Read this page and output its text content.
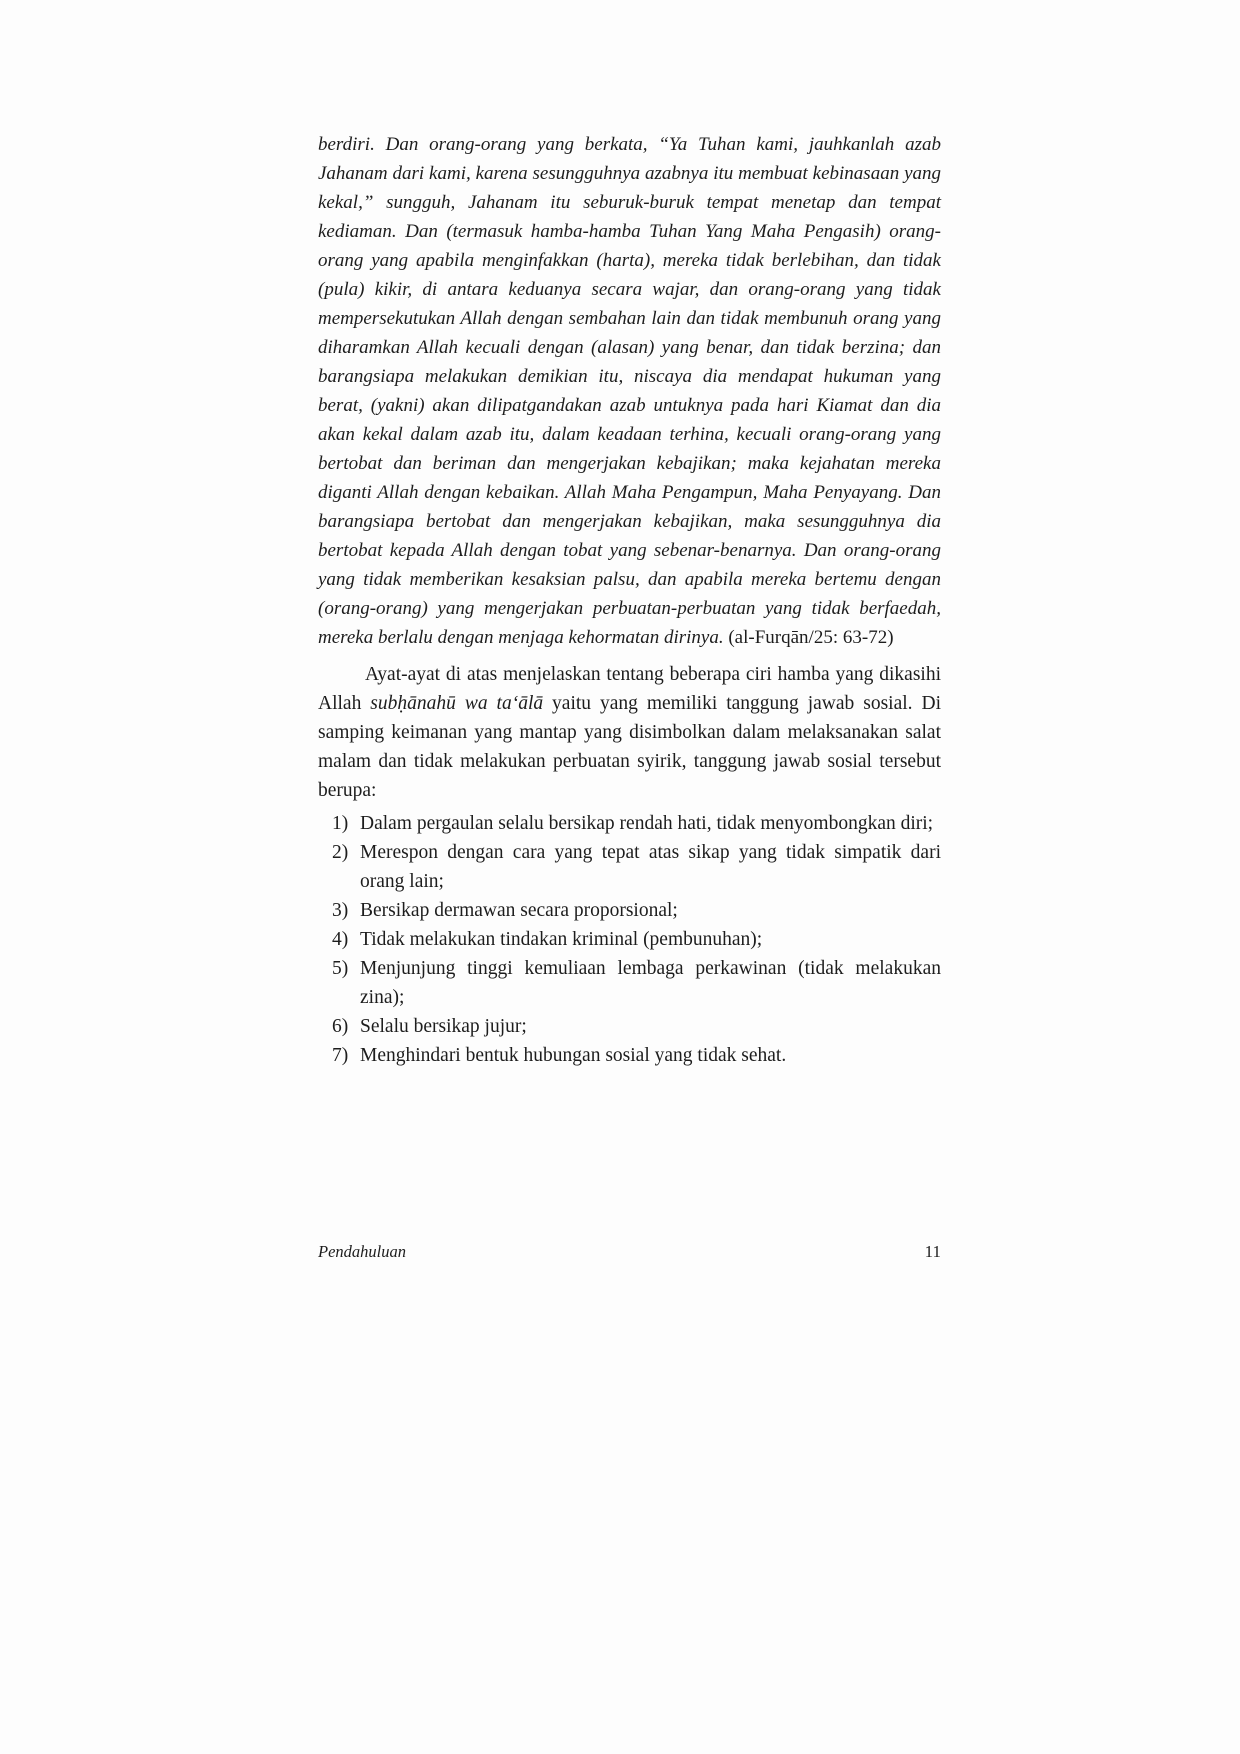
berdiri. Dan orang-orang yang berkata, “Ya Tuhan kami, jauhkanlah azab Jahanam dari kami, karena sesungguhnya azabnya itu membuat kebinasaan yang kekal,” sungguh, Jahanam itu seburuk-buruk tempat menetap dan tempat kediaman. Dan (termasuk hamba-hamba Tuhan Yang Maha Pengasih) orang-orang yang apabila menginfakkan (harta), mereka tidak berlebihan, dan tidak (pula) kikir, di antara keduanya secara wajar, dan orang-orang yang tidak mempersekutukan Allah dengan sembahan lain dan tidak membunuh orang yang diharamkan Allah kecuali dengan (alasan) yang benar, dan tidak berzina; dan barangsiapa melakukan demikian itu, niscaya dia mendapat hukuman yang berat, (yakni) akan dilipatgandakan azab untuknya pada hari Kiamat dan dia akan kekal dalam azab itu, dalam keadaan terhina, kecuali orang-orang yang bertobat dan beriman dan mengerjakan kebajikan; maka kejahatan mereka diganti Allah dengan kebaikan. Allah Maha Pengampun, Maha Penyayang. Dan barangsiapa bertobat dan mengerjakan kebajikan, maka sesungguhnya dia bertobat kepada Allah dengan tobat yang sebenar-benarnya. Dan orang-orang yang tidak memberikan kesaksian palsu, dan apabila mereka bertemu dengan (orang-orang) yang mengerjakan perbuatan-perbuatan yang tidak berfaedah, mereka berlalu dengan menjaga kehormatan dirinya. (al-Furqān/25: 63-72)

Ayat-ayat di atas menjelaskan tentang beberapa ciri hamba yang dikasihi Allah subḥānahū wa ta‘ālā yaitu yang memiliki tanggung jawab sosial. Di samping keimanan yang mantap yang disimbolkan dalam melaksanakan salat malam dan tidak melakukan perbuatan syirik, tanggung jawab sosial tersebut berupa:

1) Dalam pergaulan selalu bersikap rendah hati, tidak menyombongkan diri;
2) Merespon dengan cara yang tepat atas sikap yang tidak simpatik dari orang lain;
3) Bersikap dermawan secara proporsional;
4) Tidak melakukan tindakan kriminal (pembunuhan);
5) Menjunjung tinggi kemuliaan lembaga perkawinan (tidak melakukan zina);
6) Selalu bersikap jujur;
7) Menghindari bentuk hubungan sosial yang tidak sehat.
Pendahuluan	11
